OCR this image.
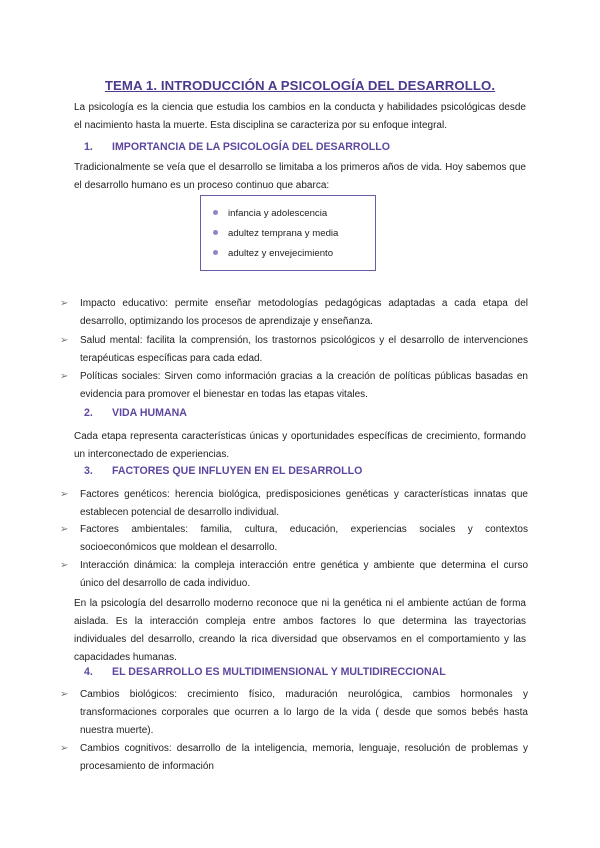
TEMA 1. INTRODUCCIÓN A PSICOLOGÍA DEL DESARROLLO.
La psicología es la ciencia que estudia los cambios en la conducta y habilidades psicológicas desde el nacimiento hasta la muerte. Esta disciplina se caracteriza por su enfoque integral.
1. IMPORTANCIA DE LA PSICOLOGÍA DEL DESARROLLO
Tradicionalmente se veía que el desarrollo se limitaba a los primeros años de vida. Hoy sabemos que el desarrollo humano es un proceso continuo que abarca:
infancia y adolescencia
adultez temprana y media
adultez y envejecimiento
➢ Impacto educativo: permite enseñar metodologías pedagógicas adaptadas a cada etapa del desarrollo, optimizando los procesos de aprendizaje y enseñanza.
➢ Salud mental: facilita la comprensión, los trastornos psicológicos y el desarrollo de intervenciones terapéuticas específicas para cada edad.
➢ Políticas sociales: Sirven como información gracias a la creación de políticas públicas basadas en evidencia para promover el bienestar en todas las etapas vitales.
2. VIDA HUMANA
Cada etapa representa características únicas y oportunidades específicas de crecimiento, formando un interconectado de experiencias.
3. FACTORES QUE INFLUYEN EN EL DESARROLLO
➢ Factores genéticos: herencia biológica, predisposiciones genéticas y características innatas que establecen potencial de desarrollo individual.
➢ Factores ambientales: familia, cultura, educación, experiencias sociales y contextos socioeconómicos que moldean el desarrollo.
➢ Interacción dinámica: la compleja interacción entre genética y ambiente que determina el curso único del desarrollo de cada individuo.
En la psicología del desarrollo moderno reconoce que ni la genética ni el ambiente actúan de forma aislada. Es la interacción compleja entre ambos factores lo que determina las trayectorias individuales del desarrollo, creando la rica diversidad que observamos en el comportamiento y las capacidades humanas.
4. EL DESARROLLO ES MULTIDIMENSIONAL Y MULTIDIRECCIONAL
➢ Cambios biológicos: crecimiento físico, maduración neurológica, cambios hormonales y transformaciones corporales que ocurren a lo largo de la vida ( desde que somos bebés hasta nuestra muerte).
➢ Cambios cognitivos: desarrollo de la inteligencia, memoria, lenguaje, resolución de problemas y procesamiento de información
